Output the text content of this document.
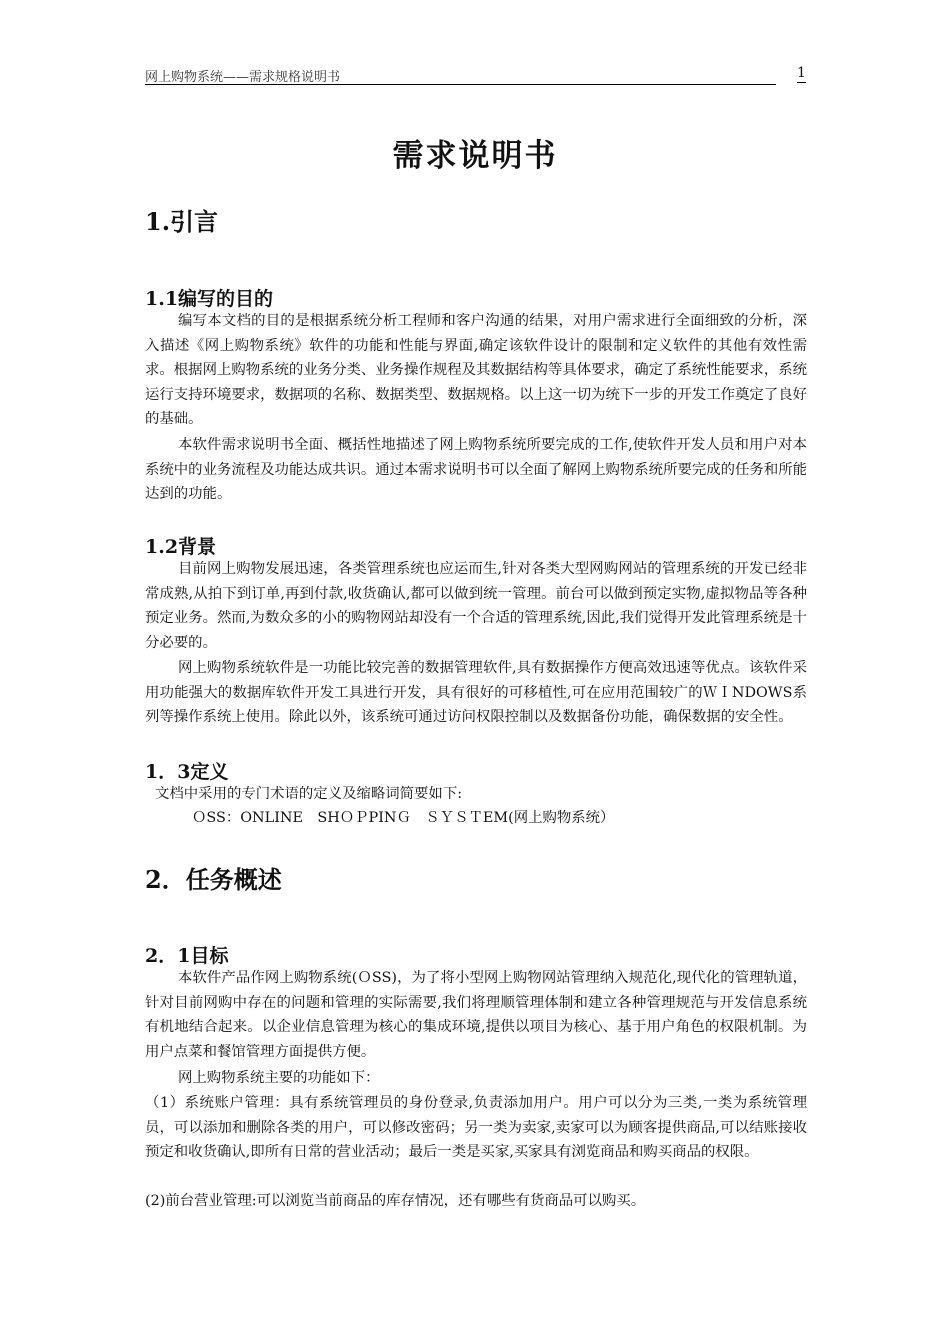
网上购物系统——需求规格说明书	1
需求说明书
1.引言
1.1编写的目的
编写本文档的目的是根据系统分析工程师和客户沟通的结果，对用户需求进行全面细致的分析，深入描述《网上购物系统》软件的功能和性能与界面,确定该软件设计的限制和定义软件的其他有效性需求。根据网上购物系统的业务分类、业务操作规程及其数据结构等具体要求，确定了系统性能要求，系统运行支持环境要求，数据项的名称、数据类型、数据规格。以上这一切为统下一步的开发工作奠定了良好的基础。
本软件需求说明书全面、概括性地描述了网上购物系统所要完成的工作,使软件开发人员和用户对本系统中的业务流程及功能达成共识。通过本需求说明书可以全面了解网上购物系统所要完成的任务和所能达到的功能。
1.2背景
目前网上购物发展迅速，各类管理系统也应运而生,针对各类大型网购网站的管理系统的开发已经非常成熟,从拍下到订单,再到付款,收货确认,都可以做到统一管理。前台可以做到预定实物,虚拟物品等各种预定业务。然而,为数众多的小的购物网站却没有一个合适的管理系统,因此,我们觉得开发此管理系统是十分必要的。
网上购物系统软件是一功能比较完善的数据管理软件,具有数据操作方便高效迅速等优点。该软件采用功能强大的数据库软件开发工具进行开发，具有很好的可移植性,可在应用范围较广的ＷＩNDOWS系列等操作系统上使用。除此以外，该系统可通过访问权限控制以及数据备份功能，确保数据的安全性。
1．3定义
文档中采用的专门术语的定义及缩略词简要如下:
ＯSS：ONLINE　SHＯＰPINＧ　ＳＹＳＴEM(网上购物系统）
2．任务概述
2．1目标
本软件产品作网上购物系统(ＯSS)，为了将小型网上购物网站管理纳入规范化,现代化的管理轨道，针对目前网购中存在的问题和管理的实际需要,我们将理顺管理体制和建立各种管理规范与开发信息系统有机地结合起来。以企业信息管理为核心的集成环境,提供以项目为核心、基于用户角色的权限机制。为用户点菜和餐馆管理方面提供方便。
网上购物系统主要的功能如下：
（1）系统账户管理：具有系统管理员的身份登录,负责添加用户。用户可以分为三类,一类为系统管理员，可以添加和删除各类的用户，可以修改密码；另一类为卖家,卖家可以为顾客提供商品,可以结账接收预定和收货确认,即所有日常的营业活动；最后一类是买家,买家具有浏览商品和购买商品的权限。
(2)前台营业管理:可以浏览当前商品的库存情况，还有哪些有货商品可以购买。
